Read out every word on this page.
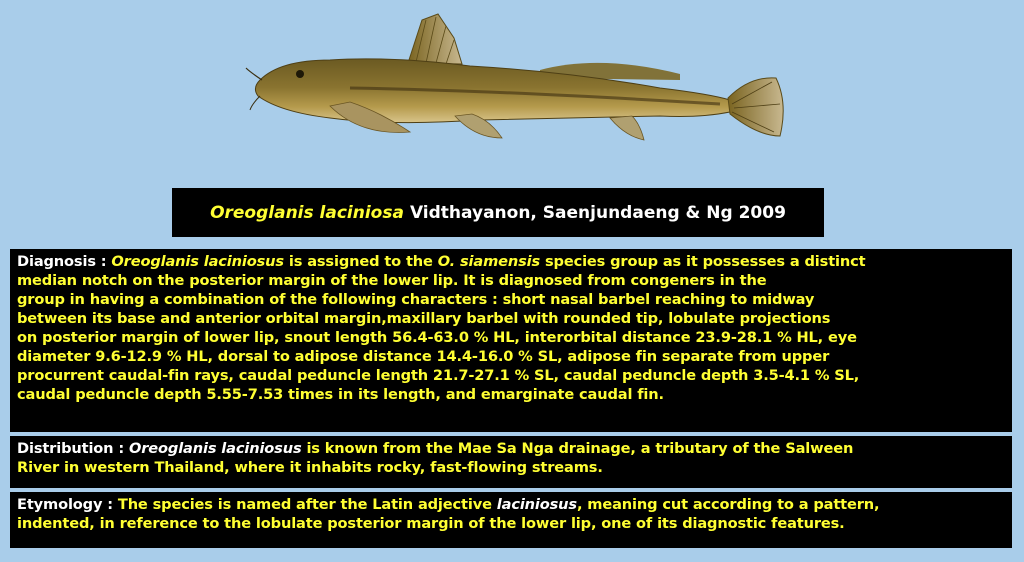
Oreoglanis laciniosa Vidthayanon, Saenjundaeng & Ng 2009
Diagnosis : Oreoglanis laciniosus is assigned to the O. siamensis species group as it possesses a distinct
median notch on the posterior margin of the lower lip. It is diagnosed from congeners in the
group in having a combination of the following characters : short nasal barbel reaching to midway
between its base and anterior orbital margin,maxillary barbel with rounded tip, lobulate projections
on posterior margin of lower lip, snout length 56.4-63.0 % HL, interorbital distance 23.9-28.1 % HL, eye
diameter 9.6-12.9 % HL, dorsal to adipose distance 14.4-16.0 % SL, adipose fin separate from upper
procurrent caudal-fin rays, caudal peduncle length 21.7-27.1 % SL, caudal peduncle depth 3.5-4.1 % SL,
caudal peduncle depth 5.55-7.53 times in its length, and emarginate caudal fin.
Distribution : Oreoglanis laciniosus is known from the Mae Sa Nga drainage, a tributary of the Salween
River in western Thailand, where it inhabits rocky, fast-flowing streams.
Etymology : The species is named after the Latin adjective laciniosus, meaning cut according to a pattern,
indented, in reference to the lobulate posterior margin of the lower lip, one of its diagnostic features.
